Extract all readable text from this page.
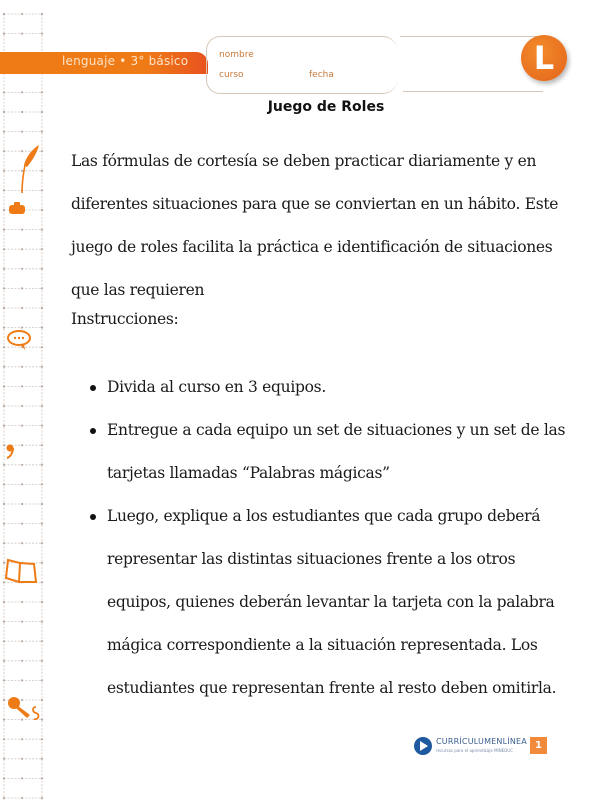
lenguaje • 3° básico	nombre
curso	fecha	L
Juego de Roles
Las fórmulas de cortesía se deben practicar diariamente y en
diferentes situaciones para que se conviertan en un hábito. Este
juego de roles facilita la práctica e identificación de situaciones
que las requieren
Instrucciones:
Divida al curso en 3 equipos.
Entregue a cada equipo un set de situaciones y un set de las
tarjetas llamadas “Palabras mágicas”
Luego, explique a los estudiantes que cada grupo deberá
representar las distintas situaciones frente a los otros
equipos, quienes deberán levantar la tarjeta con la palabra
mágica correspondiente a la situación representada. Los
estudiantes que representan frente al resto deben omitirla.
CURRÍCULUMENLÍNEA
recursos para el aprendizaje MINEDUC	1
